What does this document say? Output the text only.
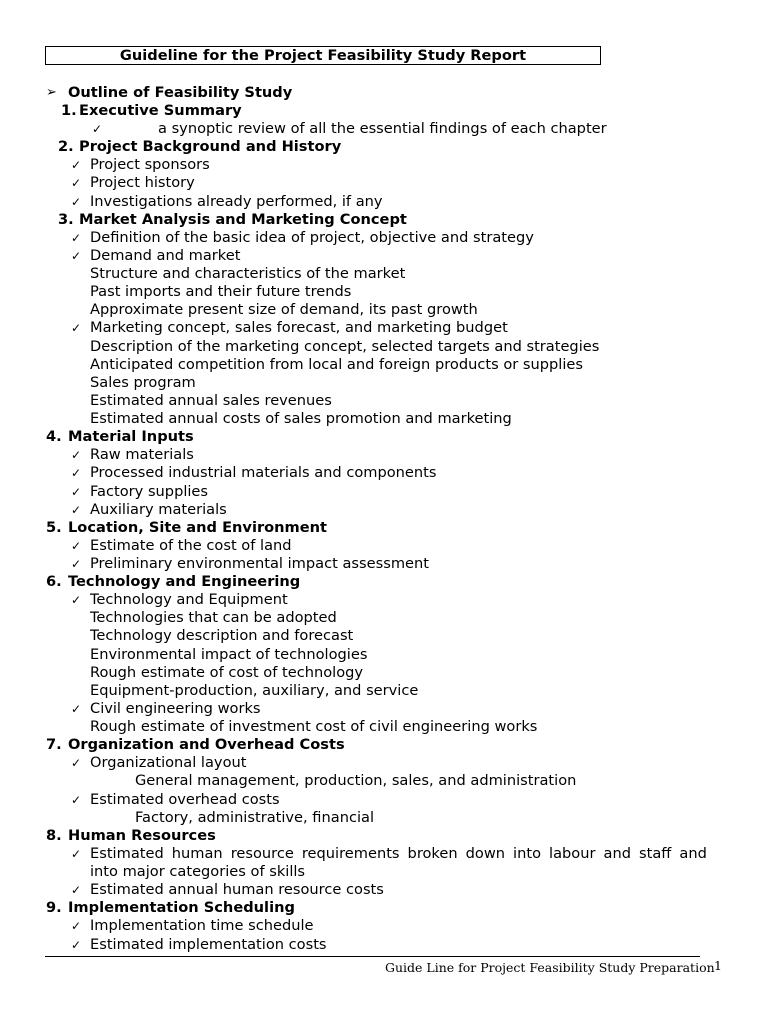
Guideline for the Project Feasibility Study Report
➢ Outline of Feasibility Study
1. Executive Summary
✓	a synoptic review of all the essential findings of each chapter
2. Project Background and History
✓ Project sponsors
✓ Project history
✓ Investigations already performed, if any
3. Market Analysis and Marketing Concept
✓ Definition of the basic idea of project, objective and strategy
✓ Demand and market
Structure and characteristics of the market
Past imports and their future trends
Approximate present size of demand, its past growth
✓ Marketing concept, sales forecast, and marketing budget
Description of the marketing concept, selected targets and strategies
Anticipated competition from local and foreign products or supplies
Sales program
Estimated annual sales revenues
Estimated annual costs of sales promotion and marketing
4. Material Inputs
✓ Raw materials
✓ Processed industrial materials and components
✓ Factory supplies
✓ Auxiliary materials
5. Location, Site and Environment
✓ Estimate of the cost of land
✓ Preliminary environmental impact assessment
6. Technology and Engineering
✓ Technology and Equipment
Technologies that can be adopted
Technology description and forecast
Environmental impact of technologies
Rough estimate of cost of technology
Equipment-production, auxiliary, and service
✓ Civil engineering works
Rough estimate of investment cost of civil engineering works
7. Organization and Overhead Costs
✓ Organizational layout
General management, production, sales, and administration
✓ Estimated overhead costs
Factory, administrative, financial
8. Human Resources
✓ Estimated human resource requirements broken down into labour and staff and
into major categories of skills
✓ Estimated annual human resource costs
9. Implementation Scheduling
✓ Implementation time schedule
✓ Estimated implementation costs
Guide Line for Project Feasibility Study Preparation 1
